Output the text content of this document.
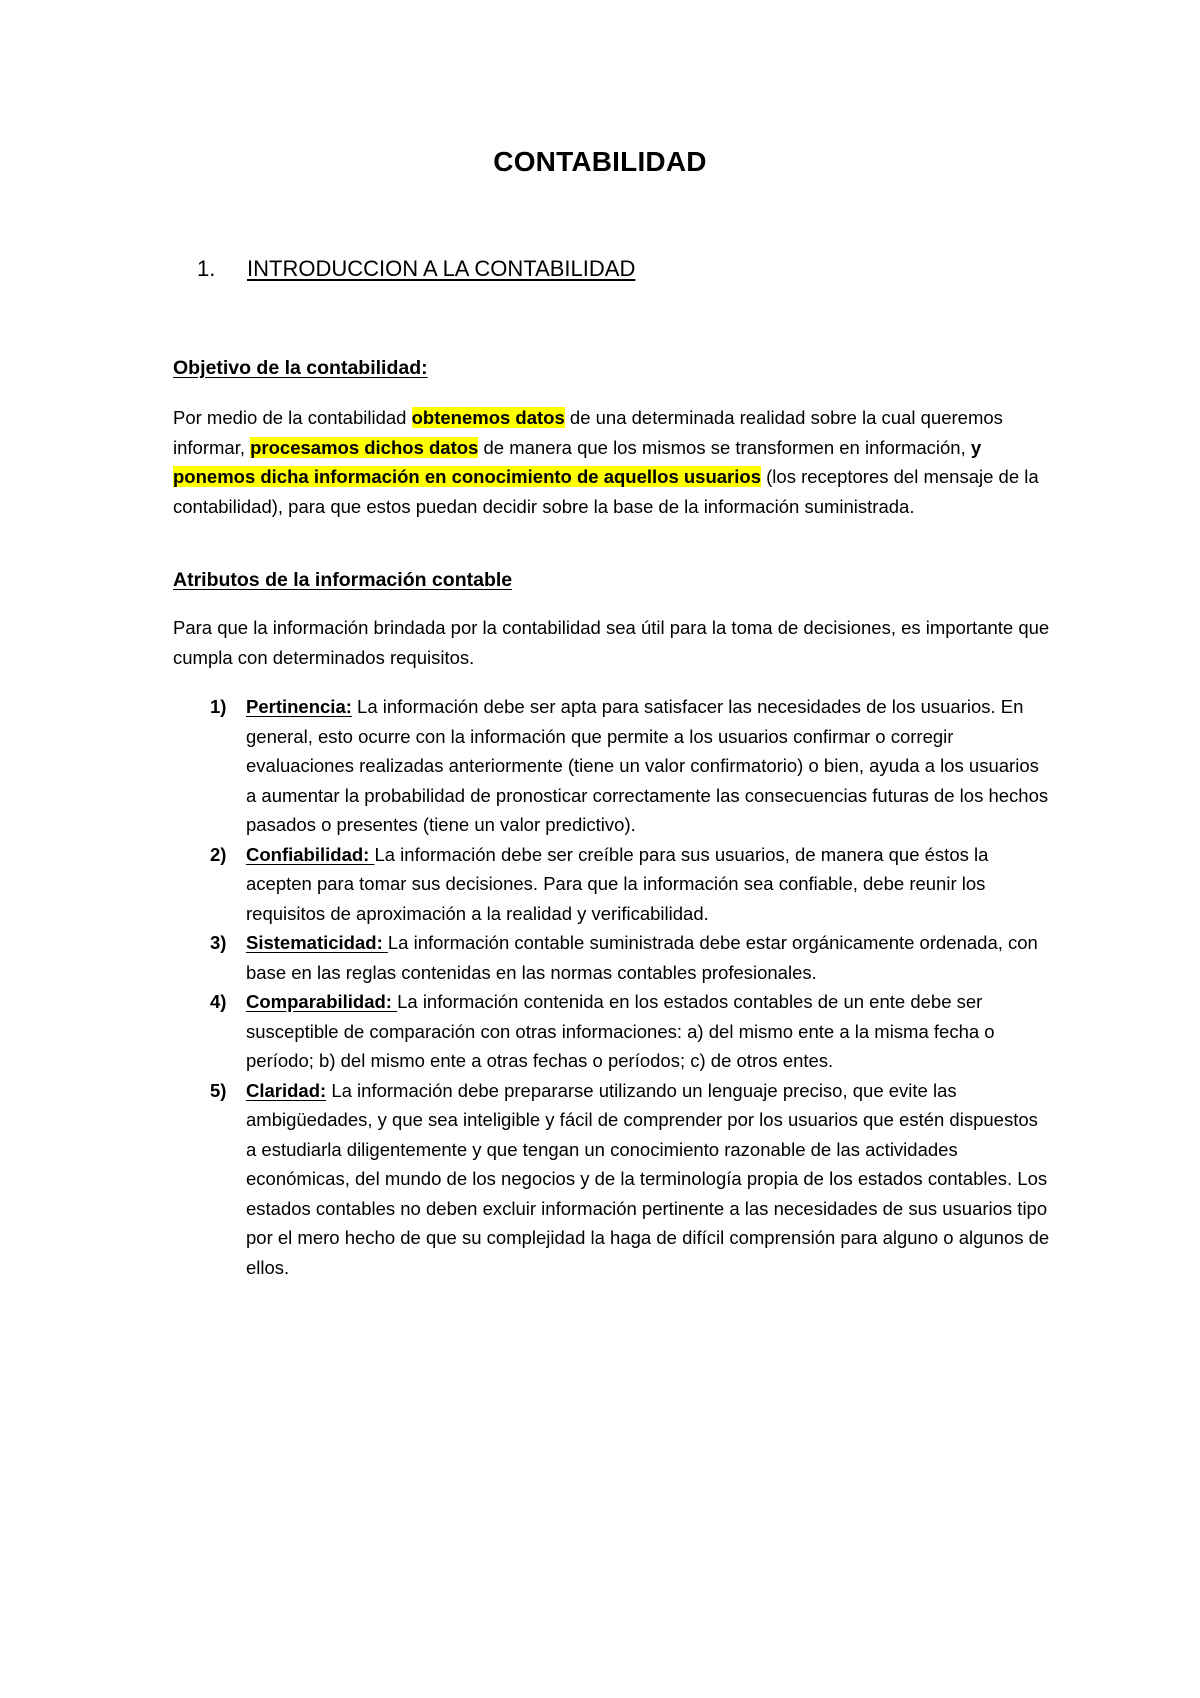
CONTABILIDAD
1. INTRODUCCION A LA CONTABILIDAD
Objetivo de la contabilidad:

Por medio de la contabilidad obtenemos datos de una determinada realidad sobre la cual queremos informar, procesamos dichos datos de manera que los mismos se transformen en información, y ponemos dicha información en conocimiento de aquellos usuarios (los receptores del mensaje de la contabilidad), para que estos puedan decidir sobre la base de la información suministrada.

Atributos de la información contable

Para que la información brindada por la contabilidad sea útil para la toma de decisiones, es importante que cumpla con determinados requisitos.

1) Pertinencia: La información debe ser apta para satisfacer las necesidades de los usuarios. En general, esto ocurre con la información que permite a los usuarios confirmar o corregir evaluaciones realizadas anteriormente (tiene un valor confirmatorio) o bien, ayuda a los usuarios a aumentar la probabilidad de pronosticar correctamente las consecuencias futuras de los hechos pasados o presentes (tiene un valor predictivo).
2) Confiabilidad: La información debe ser creíble para sus usuarios, de manera que éstos la acepten para tomar sus decisiones. Para que la información sea confiable, debe reunir los requisitos de aproximación a la realidad y verificabilidad.
3) Sistematicidad: La información contable suministrada debe estar orgánicamente ordenada, con base en las reglas contenidas en las normas contables profesionales.
4) Comparabilidad: La información contenida en los estados contables de un ente debe ser susceptible de comparación con otras informaciones: a) del mismo ente a la misma fecha o período; b) del mismo ente a otras fechas o períodos; c) de otros entes.
5) Claridad: La información debe prepararse utilizando un lenguaje preciso, que evite las ambigüedades, y que sea inteligible y fácil de comprender por los usuarios que estén dispuestos a estudiarla diligentemente y que tengan un conocimiento razonable de las actividades económicas, del mundo de los negocios y de la terminología propia de los estados contables. Los estados contables no deben excluir información pertinente a las necesidades de sus usuarios tipo por el mero hecho de que su complejidad la haga de difícil comprensión para alguno o algunos de ellos.
